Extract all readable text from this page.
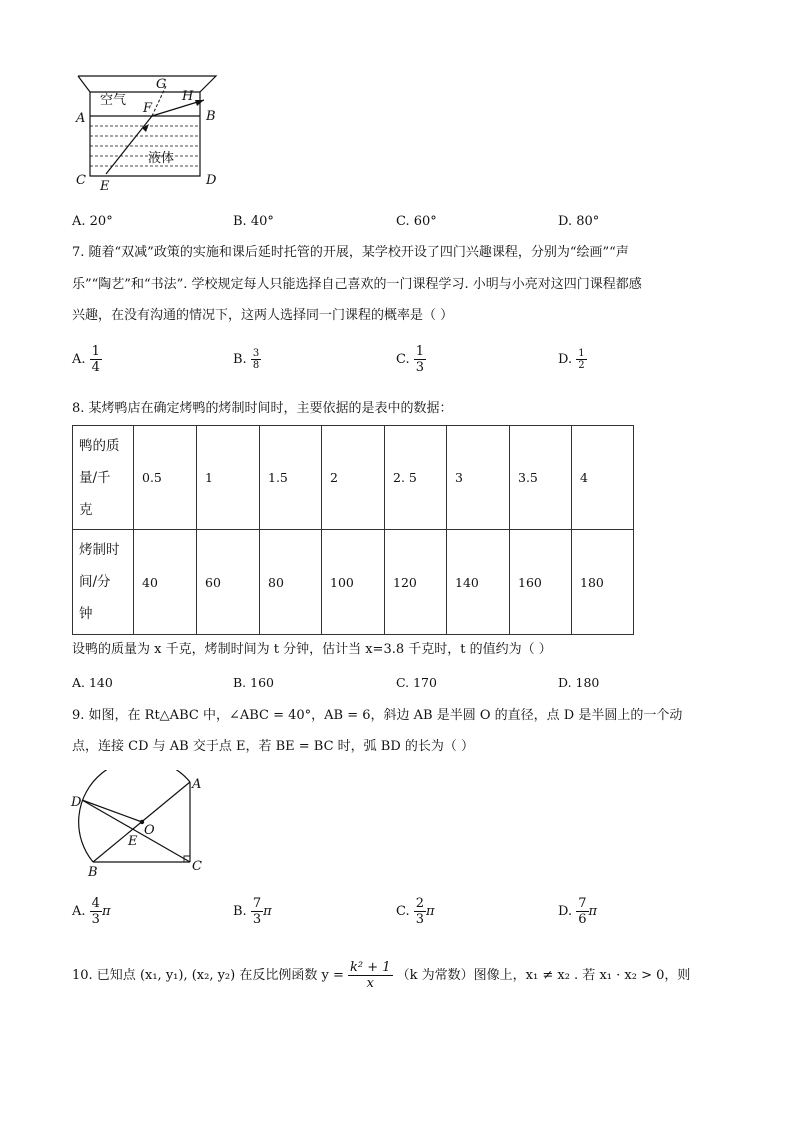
空气
液体
A	B
C	D
E
F
G
H
A. 20°	B. 40°	C. 60°	D. 80°
7. 随着“双减”政策的实施和课后延时托管的开展，某学校开设了四门兴趣课程，分别为“绘画”“声
乐”“陶艺”和“书法”. 学校规定每人只能选择自己喜欢的一门课程学习. 小明与小亮对这四门课程都感
兴趣，在没有沟通的情况下，这两人选择同一门课程的概率是（ ）
A. $\frac{1}{4}$	B. $\frac{3}{8}$	C. $\frac{1}{3}$	D. $\frac{1}{2}$
8. 某烤鸭店在确定烤鸭的烤制时间时，主要依据的是表中的数据：
鸭的质
量/千
克	0.5	1	1.5	2	2. 5	3	3.5	4
烤制时
间/分
钟	40	60	80	100	120	140	160	180
设鸭的质量为 x 千克，烤制时间为 t 分钟，估计当 x=3.8 千克时，t 的值约为（ ）
A. 140	B. 160	C. 170	D. 180
9. 如图，在 Rt△ABC 中，∠ABC = 40°，AB = 6，斜边 AB 是半圆 O 的直径，点 D 是半圆上的一个动
点，连接 CD 与 AB 交于点 E，若 BE = BC 时，弧 BD 的长为（ ）
A
B	C
D
E
O
A. $\frac{4}{3}$ π	B. $\frac{7}{3}$ π	C. $\frac{2}{3}$ π	D. $\frac{7}{6}$ π
10. 已知点 (x₁, y₁), (x₂, y₂) 在反比例函数 $y = \frac{\text{k² + 1}}{x} (k$ 为常数）图像上，x₁ ≠ x₂ . 若 x₁ · x₂ > 0，则
